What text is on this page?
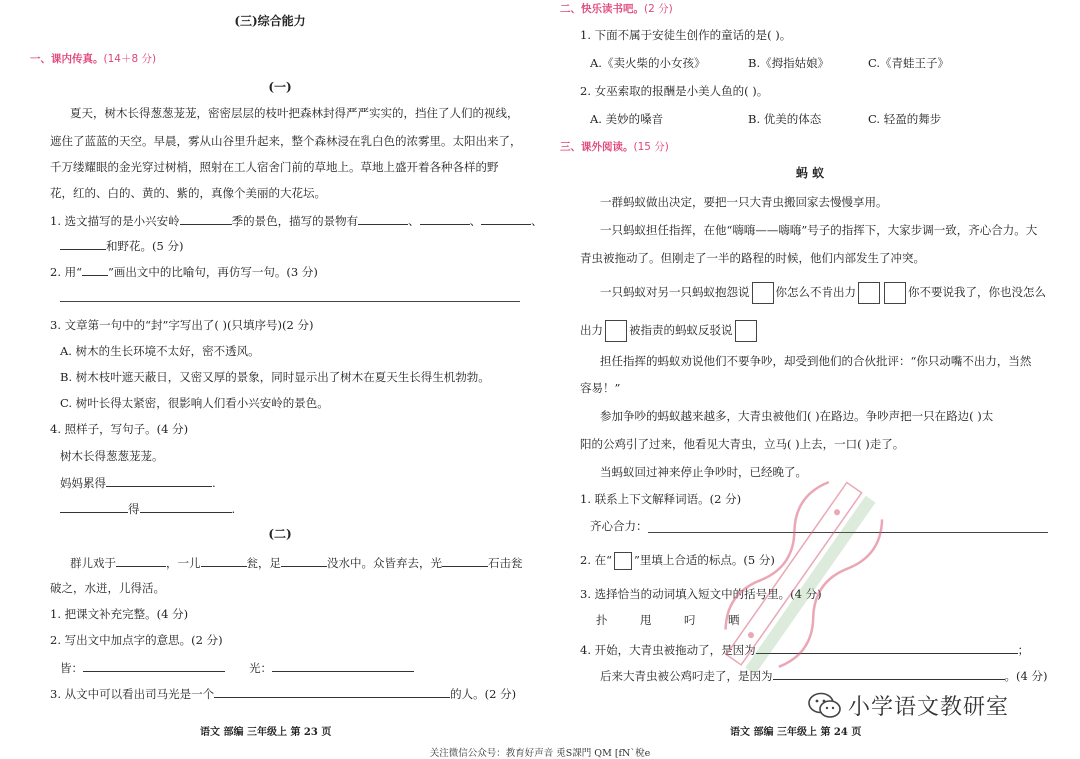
(三)综合能力
一、课内传真。(14＋8 分)
(一)
夏天，树木长得葱葱茏茏，密密层层的枝叶把森林封得严严实实的，挡住了人们的视线，
遮住了蓝蓝的天空。早晨，雾从山谷里升起来，整个森林浸在乳白色的浓雾里。太阳出来了，
千万缕耀眼的金光穿过树梢，照射在工人宿舍门前的草地上。草地上盛开着各种各样的野
花，红的、白的、黄的、紫的，真像个美丽的大花坛。
1. 选文描写的是小兴安岭	季的景色，描写的景物有	、	、	、
和野花。(5 分)
2. 用“ ”画出文中的比喻句，再仿写一句。(3 分)
3. 文章第一句中的“封”字写出了( )(只填序号)(2 分)
A. 树木的生长环境不太好，密不透风。
B. 树木枝叶遮天蔽日，又密又厚的景象，同时显示出了树木在夏天生长得生机勃勃。
C. 树叶长得太紧密，很影响人们看小兴安岭的景色。
4. 照样子，写句子。(4 分)
树木长得葱葱茏茏。
妈妈累得	.
得	.
(二)
群儿戏于	，一儿	瓮，足	没水中。众皆弃去，光	石击瓮
破之，水迸，儿得活。
1. 把课文补充完整。(4 分)
2. 写出文中加点字的意思。(2 分)
皆：	光：
3. 从文中可以看出司马光是一个	的人。(2 分)
语文 部编 三年级上 第 23 页
二、快乐读书吧。(2 分)
1. 下面不属于安徒生创作的童话的是( )。
A.《卖火柴的小女孩》	B.《拇指姑娘》	C.《青蛙王子》
2. 女巫索取的报酬是小美人鱼的( )。
A. 美妙的嗓音	B. 优美的体态	C. 轻盈的舞步
三、课外阅读。(15 分)
蚂 蚁
一群蚂蚁做出决定，要把一只大青虫搬回家去慢慢享用。
一只蚂蚁担任指挥，在他“嗨嗨——嗨嗨”号子的指挥下，大家步调一致，齐心合力。大
青虫被拖动了。但刚走了一半的路程的时候，他们内部发生了冲突。
一只蚂蚁对另一只蚂蚁抱怨说 你怎么不肯出力	你不要说我了，你也没怎么
出力 被指责的蚂蚁反驳说
担任指挥的蚂蚁劝说他们不要争吵，却受到他们的合伙批评：“你只动嘴不出力，当然
容易！”
参加争吵的蚂蚁越来越多，大青虫被他们( )在路边。争吵声把一只在路边( )太
阳的公鸡引了过来，他看见大青虫，立马( )上去，一口( )走了。
当蚂蚁回过神来停止争吵时，已经晚了。
1. 联系上下文解释词语。(2 分)
齐心合力：
2. 在“ ”里填上合适的标点。(5 分)
3. 选择恰当的动词填入短文中的括号里。(4 分)
扑	甩	叼	晒
4. 开始，大青虫被拖动了，是因为	；
后来大青虫被公鸡叼走了，是因为	。(4 分)
语文 部编 三年级上 第 24 页
小学语文教研室
关注微信公众号：教育好声音 兎S課門 QM [fN`梲e
